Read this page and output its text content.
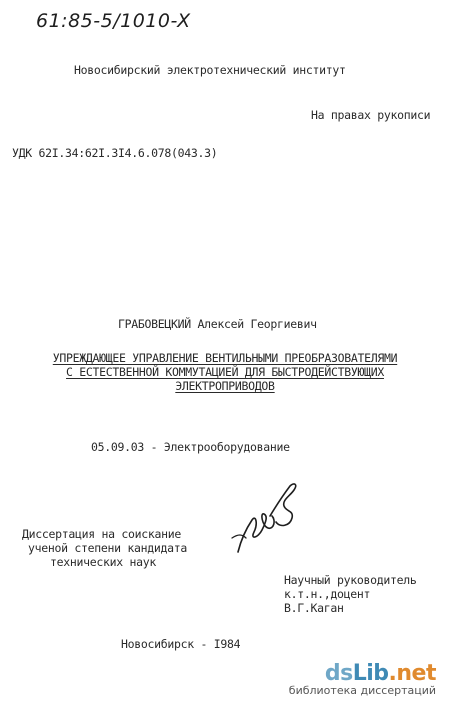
61:85-5/1010-X
Новосибирский электротехнический институт
На правах рукописи
УДК 62I.34:62I.3I4.6.078(043.3)
ГРАБОВЕЦКИЙ Алексей Георгиевич
УПРЕЖДАЮЩЕЕ УПРАВЛЕНИЕ ВЕНТИЛЬНЫМИ ПРЕОБРАЗОВАТЕЛЯМИ
С ЕСТЕСТВЕННОЙ КОММУТАЦИЕЙ ДЛЯ БЫСТРОДЕЙСТВУЮЩИХ
ЭЛЕКТРОПРИВОДОВ
05.09.03 - Электрооборудование
Диссертация на соискание
ученой степени кандидата
технических наук
Научный руководитель
к.т.н.,доцент
В.Г.Каган
Новосибирск - I984
dsLib.net
библиотека диссертаций
